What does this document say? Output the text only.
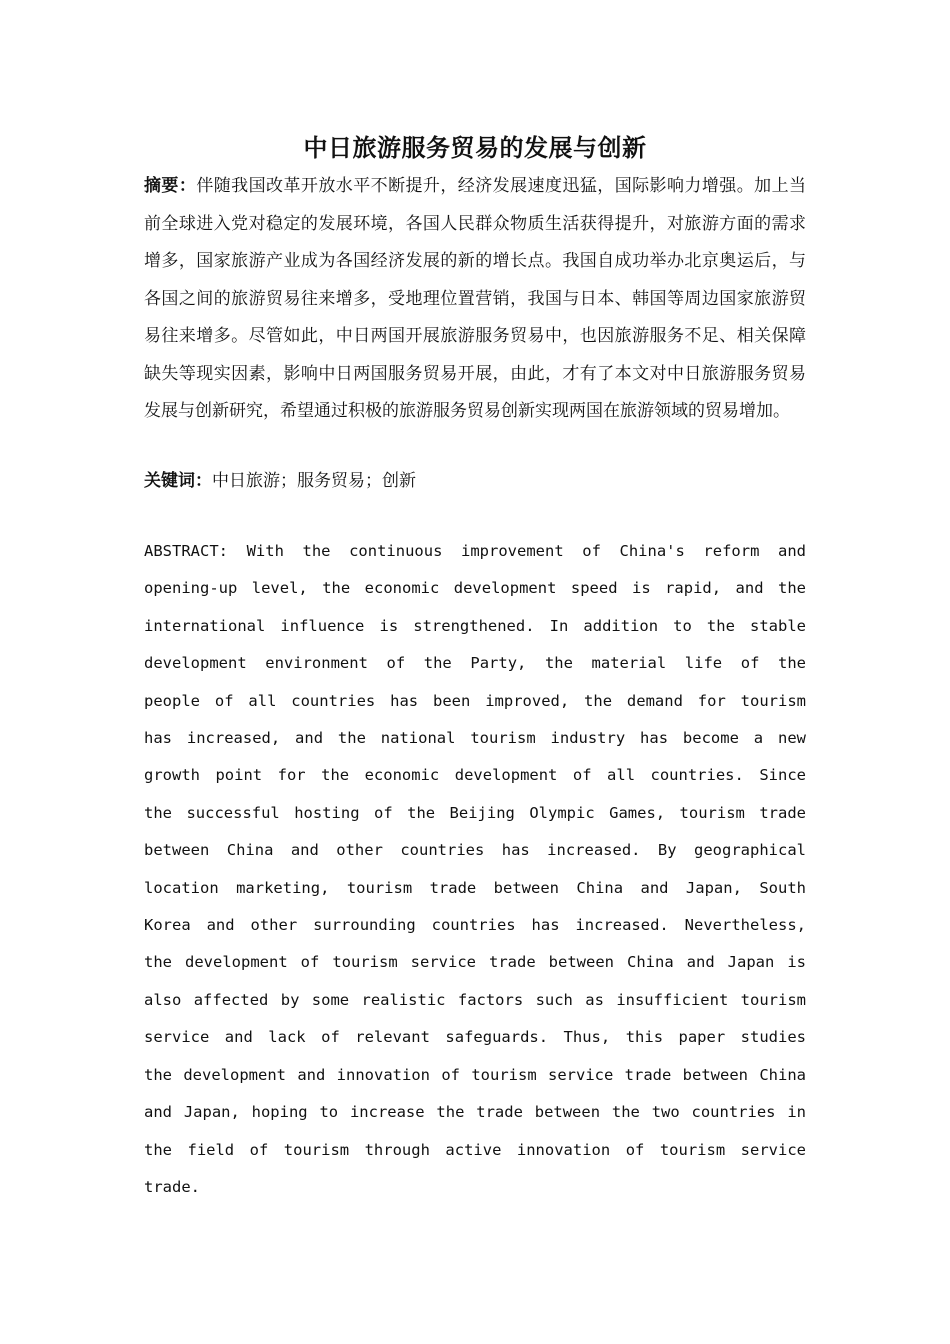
中日旅游服务贸易的发展与创新
摘要：伴随我国改革开放水平不断提升，经济发展速度迅猛，国际影响力增强。加上当前全球进入党对稳定的发展环境，各国人民群众物质生活获得提升，对旅游方面的需求增多，国家旅游产业成为各国经济发展的新的增长点。我国自成功举办北京奥运后，与各国之间的旅游贸易往来增多，受地理位置营销，我国与日本、韩国等周边国家旅游贸易往来增多。尽管如此，中日两国开展旅游服务贸易中，也因旅游服务不足、相关保障缺失等现实因素，影响中日两国服务贸易开展，由此，才有了本文对中日旅游服务贸易发展与创新研究，希望通过积极的旅游服务贸易创新实现两国在旅游领域的贸易增加。
关键词：中日旅游；服务贸易；创新
ABSTRACT: With the continuous improvement of China's reform and opening-up level, the economic development speed is rapid, and the international influence is strengthened. In addition to the stable development environment of the Party, the material life of the people of all countries has been improved, the demand for tourism has increased, and the national tourism industry has become a new growth point for the economic development of all countries. Since the successful hosting of the Beijing Olympic Games, tourism trade between China and other countries has increased. By geographical location marketing, tourism trade between China and Japan, South Korea and other surrounding countries has increased. Nevertheless, the development of tourism service trade between China and Japan is also affected by some realistic factors such as insufficient tourism service and lack of relevant safeguards. Thus, this paper studies the development and innovation of tourism service trade between China and Japan, hoping to increase the trade between the two countries in the field of tourism through active innovation of tourism service trade.
